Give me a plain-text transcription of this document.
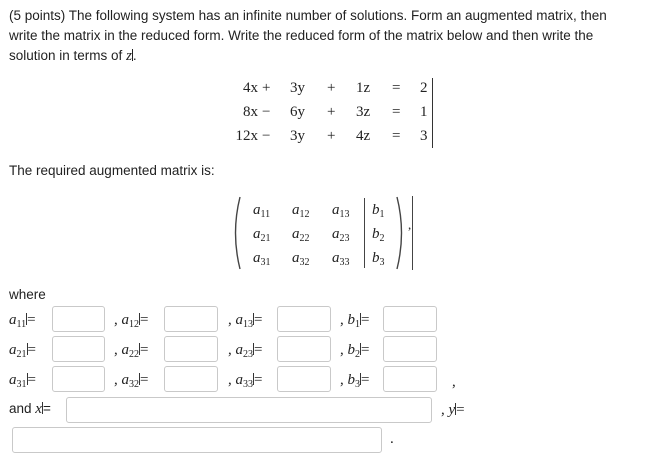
(5 points) The following system has an infinite number of solutions. Form an augmented matrix, then write the matrix in the reduced form. Write the reduced form of the matrix below and then write the solution in terms of z.
4x + 3y + 1z = 2
8x − 6y + 3z = 1
12x − 3y + 4z = 3
The required augmented matrix is:
,
$a_{11}$ $a_{12}$ $a_{13}$ $b_1$
$a_{21}$ $a_{22}$ $a_{23}$ $b_2$
$a_{31}$ $a_{32}$ $a_{33}$ $b_3$
where
$a_{11}=$	, $a_{12}=$	, $a_{13}=$	, $b_1=$
$a_{21}=$	, $a_{22}=$	, $a_{23}=$	, $b_2=$
$a_{31}=$	, $a_{32}=$	, $a_{33}=$	, $b_3=$	,
and x=	, y=
.
